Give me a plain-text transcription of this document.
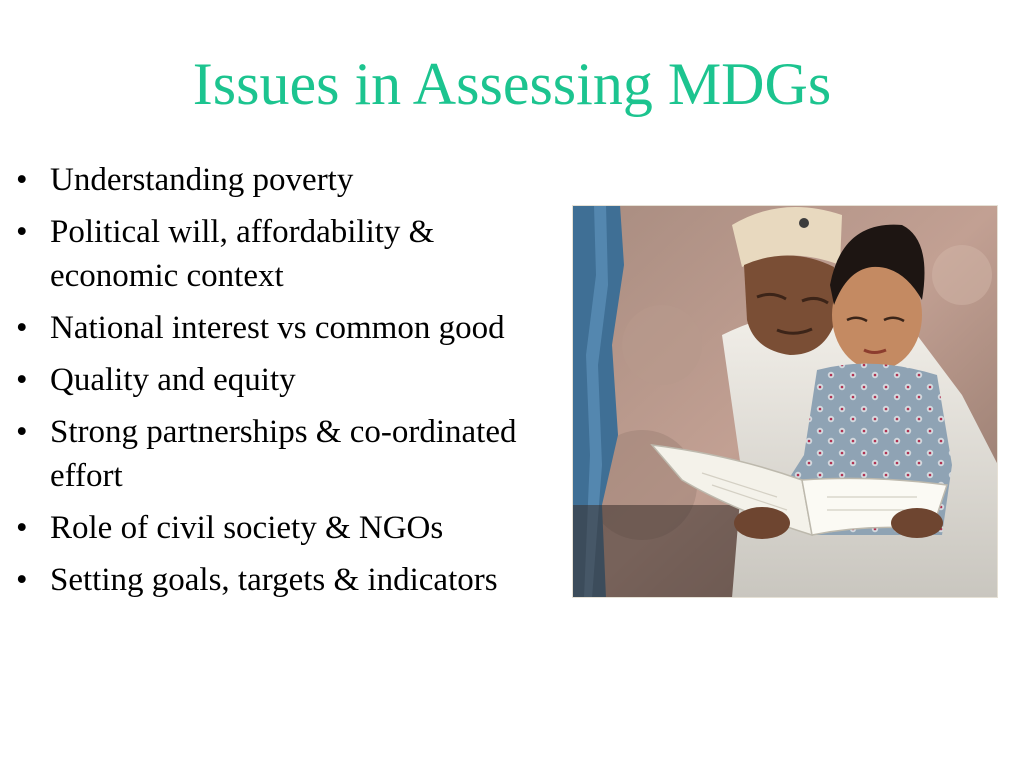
Issues in Assessing MDGs
• Understanding poverty
• Political will, affordability & economic context
• National interest vs common good
• Quality and equity
• Strong partnerships & co-ordinated effort
• Role of civil society & NGOs
• Setting goals, targets & indicators
